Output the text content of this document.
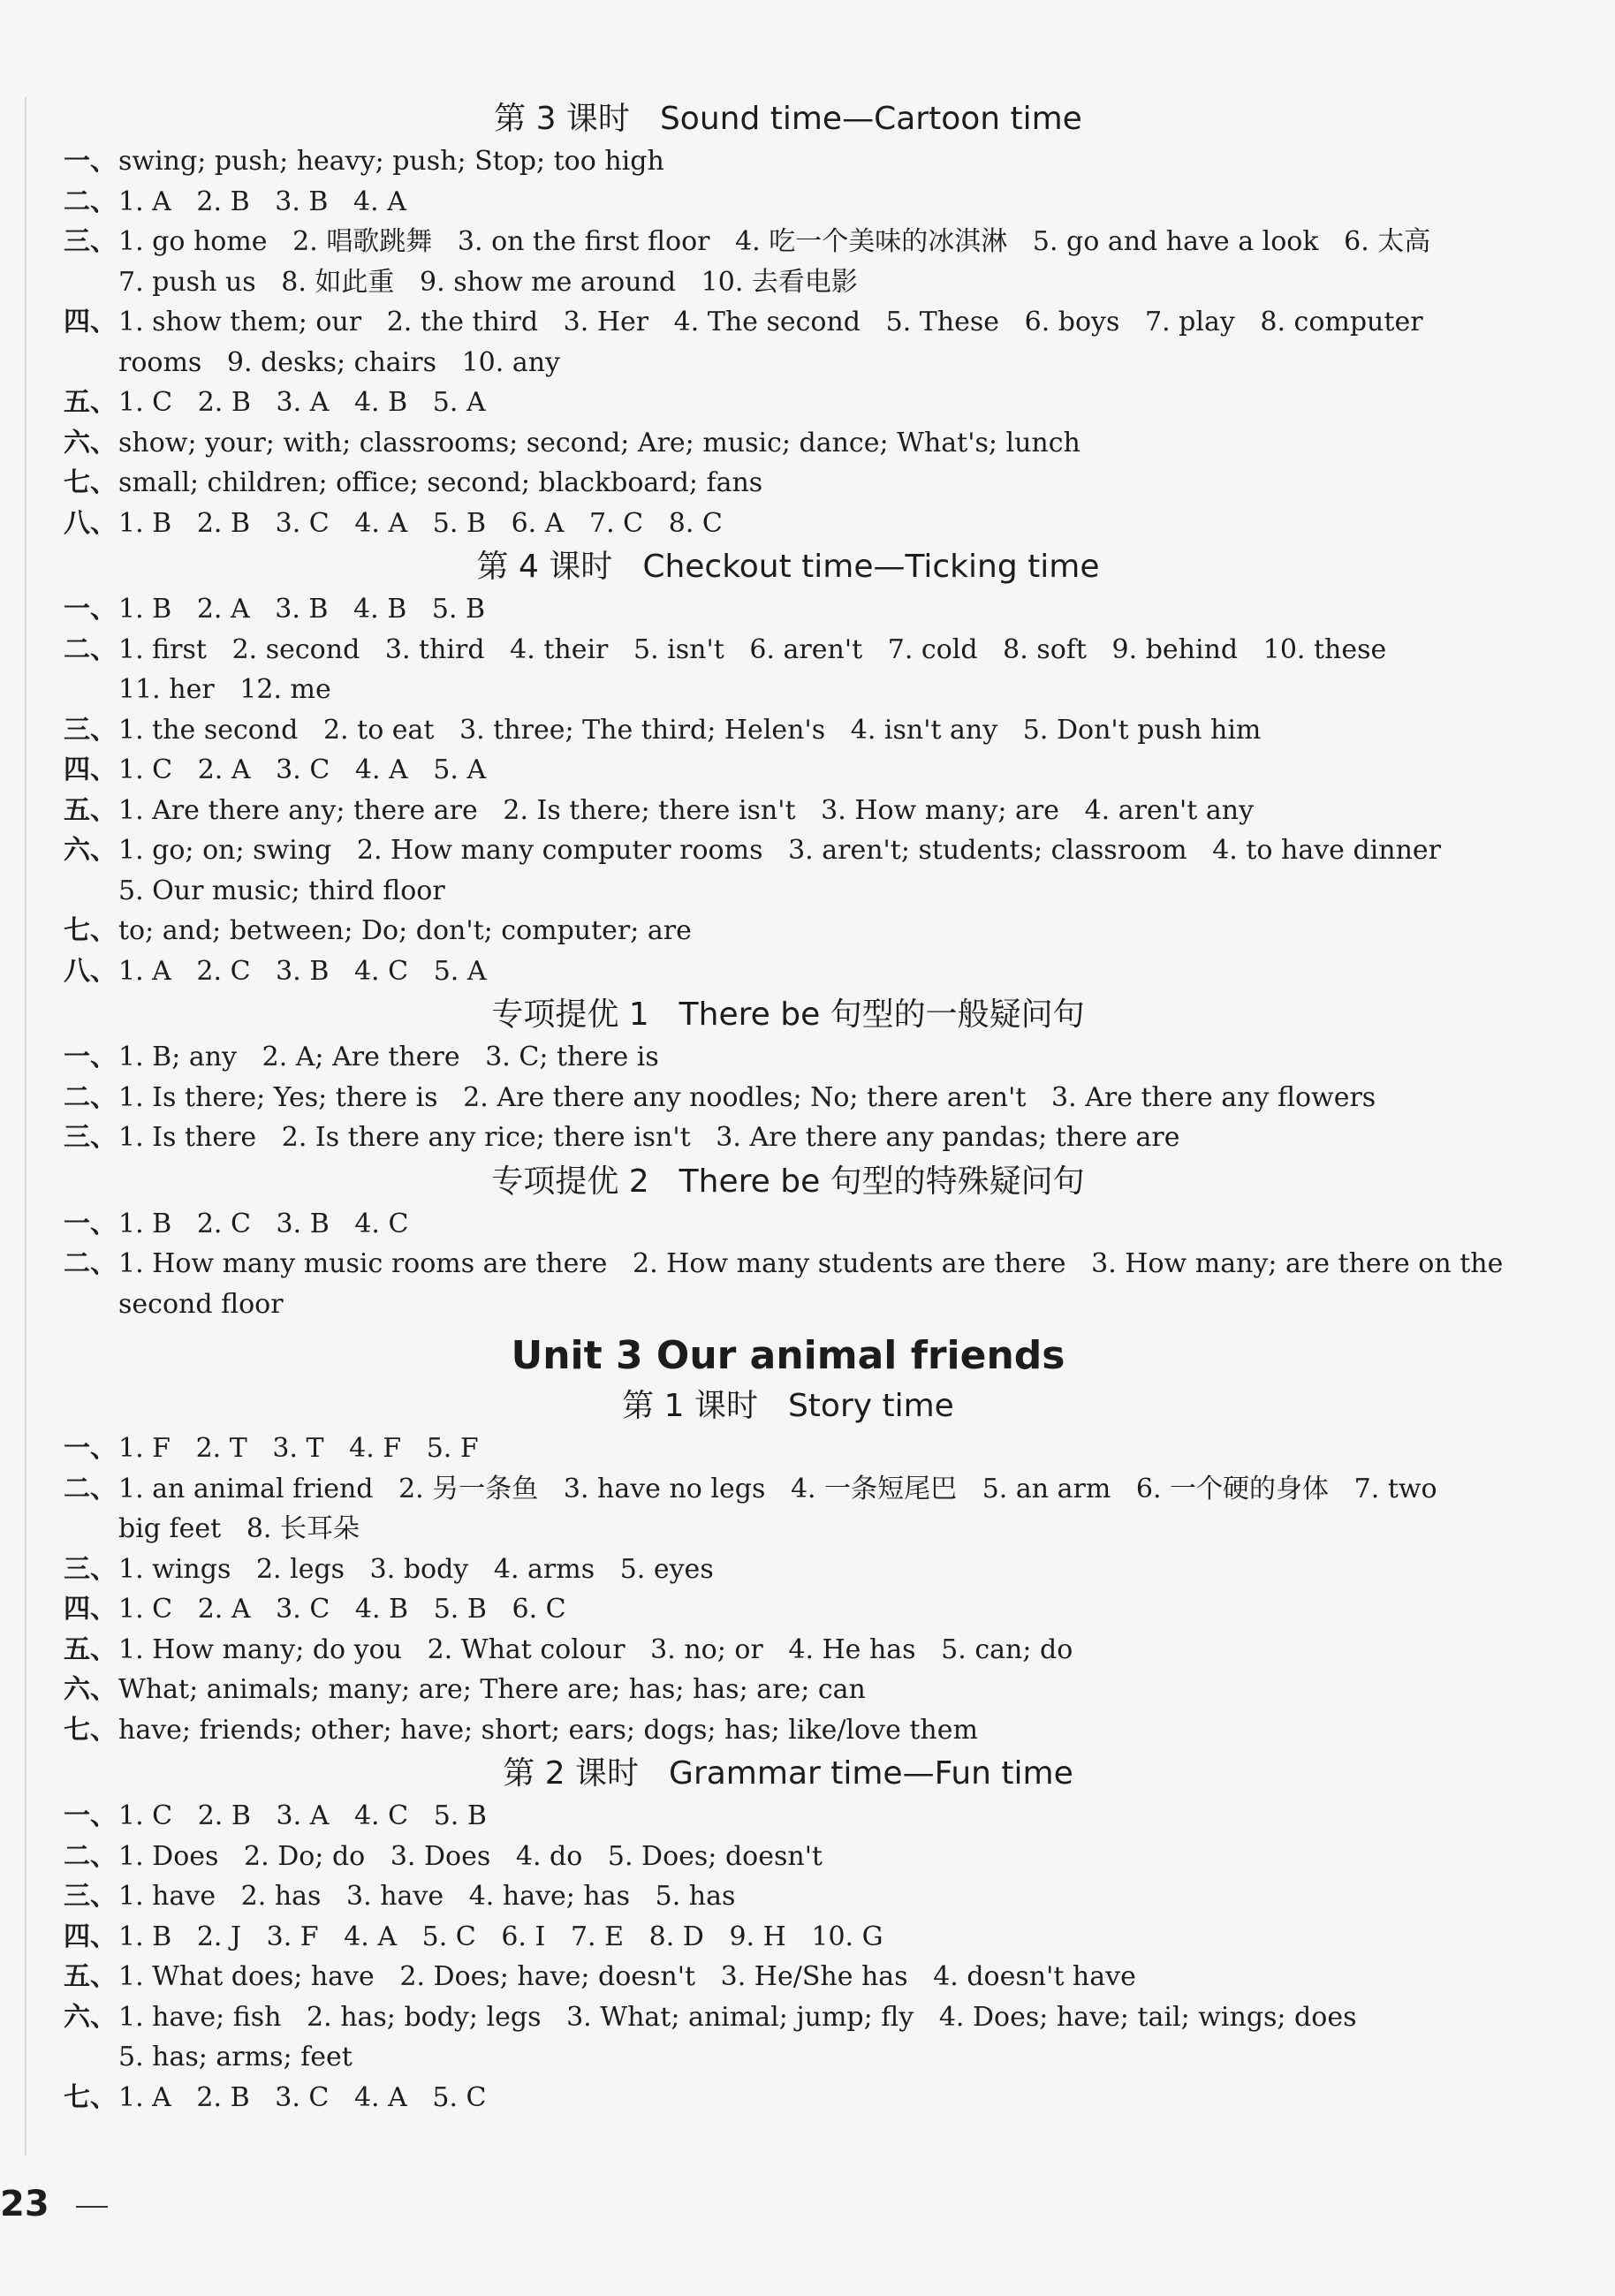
第 3 课时 Sound time—Cartoon time
一、 swing; push; heavy; push; Stop; too high
二、 1. A   2. B   3. B   4. A
三、 1. go home   2. 唱歌跳舞   3. on the first floor   4. 吃一个美味的冰淇淋   5. go and have a look   6. 太高
7. push us   8. 如此重   9. show me around   10. 去看电影
四、 1. show them; our   2. the third   3. Her   4. The second   5. These   6. boys   7. play   8. computer
rooms   9. desks; chairs   10. any
五、 1. C   2. B   3. A   4. B   5. A
六、 show; your; with; classrooms; second; Are; music; dance; What's; lunch
七、 small; children; office; second; blackboard; fans
八、 1. B   2. B   3. C   4. A   5. B   6. A   7. C   8. C
第 4 课时 Checkout time—Ticking time
一、 1. B   2. A   3. B   4. B   5. B
二、 1. first   2. second   3. third   4. their   5. isn't   6. aren't   7. cold   8. soft   9. behind   10. these
11. her   12. me
三、 1. the second   2. to eat   3. three; The third; Helen's   4. isn't any   5. Don't push him
四、 1. C   2. A   3. C   4. A   5. A
五、 1. Are there any; there are   2. Is there; there isn't   3. How many; are   4. aren't any
六、 1. go; on; swing   2. How many computer rooms   3. aren't; students; classroom   4. to have dinner
5. Our music; third floor
七、 to; and; between; Do; don't; computer; are
八、 1. A   2. C   3. B   4. C   5. A
专项提优 1 There be 句型的一般疑问句
一、 1. B; any   2. A; Are there   3. C; there is
二、 1. Is there; Yes; there is   2. Are there any noodles; No; there aren't   3. Are there any flowers
三、 1. Is there   2. Is there any rice; there isn't   3. Are there any pandas; there are
专项提优 2 There be 句型的特殊疑问句
一、 1. B   2. C   3. B   4. C
二、 1. How many music rooms are there   2. How many students are there   3. How many; are there on the
second floor
Unit 3 Our animal friends
第 1 课时 Story time
一、 1. F   2. T   3. T   4. F   5. F
二、 1. an animal friend   2. 另一条鱼   3. have no legs   4. 一条短尾巴   5. an arm   6. 一个硬的身体   7. two
big feet   8. 长耳朵
三、 1. wings   2. legs   3. body   4. arms   5. eyes
四、 1. C   2. A   3. C   4. B   5. B   6. C
五、 1. How many; do you   2. What colour   3. no; or   4. He has   5. can; do
六、 What; animals; many; are; There are; has; has; are; can
七、 have; friends; other; have; short; ears; dogs; has; like/love them
第 2 课时 Grammar time—Fun time
一、 1. C   2. B   3. A   4. C   5. B
二、 1. Does   2. Do; do   3. Does   4. do   5. Does; doesn't
三、 1. have   2. has   3. have   4. have; has   5. has
四、 1. B   2. J   3. F   4. A   5. C   6. I   7. E   8. D   9. H   10. G
五、 1. What does; have   2. Does; have; doesn't   3. He/She has   4. doesn't have
六、 1. have; fish   2. has; body; legs   3. What; animal; jump; fly   4. Does; have; tail; wings; does
5. has; arms; feet
七、 1. A   2. B   3. C   4. A   5. C
23
